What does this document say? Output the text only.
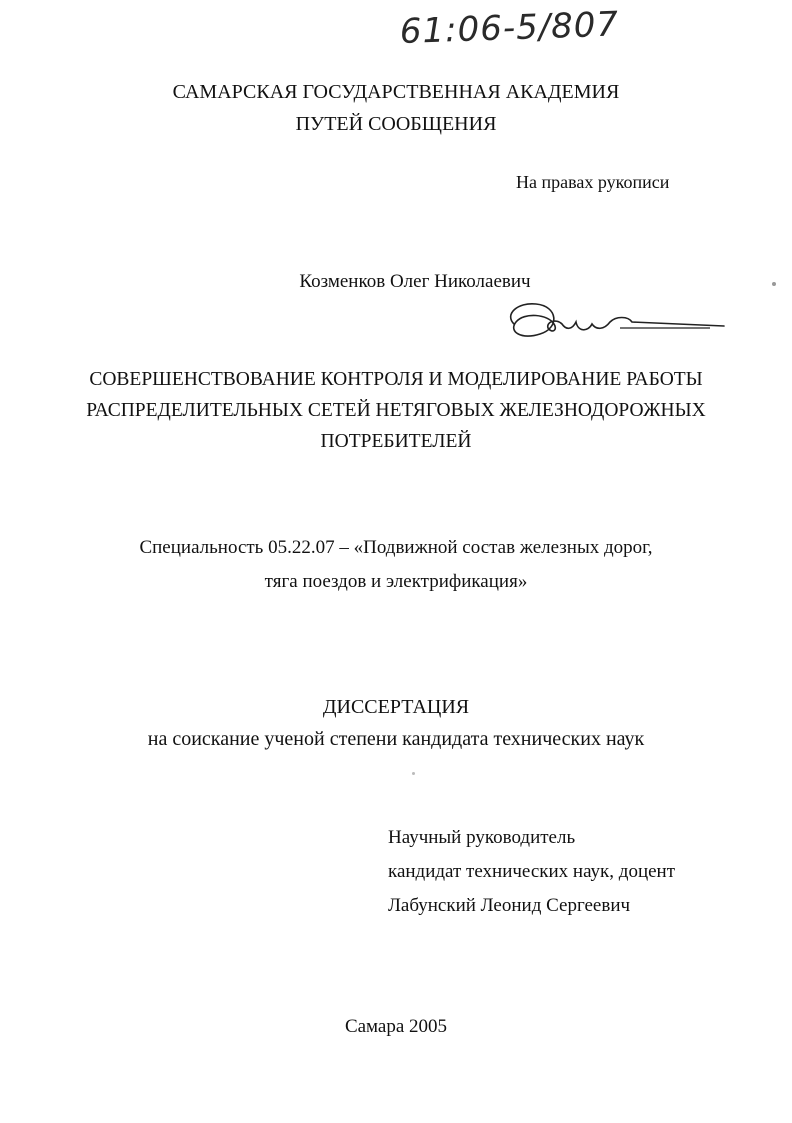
61:06-5/807
САМАРСКАЯ ГОСУДАРСТВЕННАЯ АКАДЕМИЯ
ПУТЕЙ СООБЩЕНИЯ
На правах рукописи
Козменков Олег Николаевич
СОВЕРШЕНСТВОВАНИЕ КОНТРОЛЯ И МОДЕЛИРОВАНИЕ РАБОТЫ
РАСПРЕДЕЛИТЕЛЬНЫХ СЕТЕЙ НЕТЯГОВЫХ ЖЕЛЕЗНОДОРОЖНЫХ
ПОТРЕБИТЕЛЕЙ
Специальность 05.22.07 – «Подвижной состав железных дорог,
тяга поездов и электрификация»
ДИССЕРТАЦИЯ
на соискание ученой степени кандидата технических наук
Научный руководитель
кандидат технических наук, доцент
Лабунский Леонид Сергеевич
Самара 2005
